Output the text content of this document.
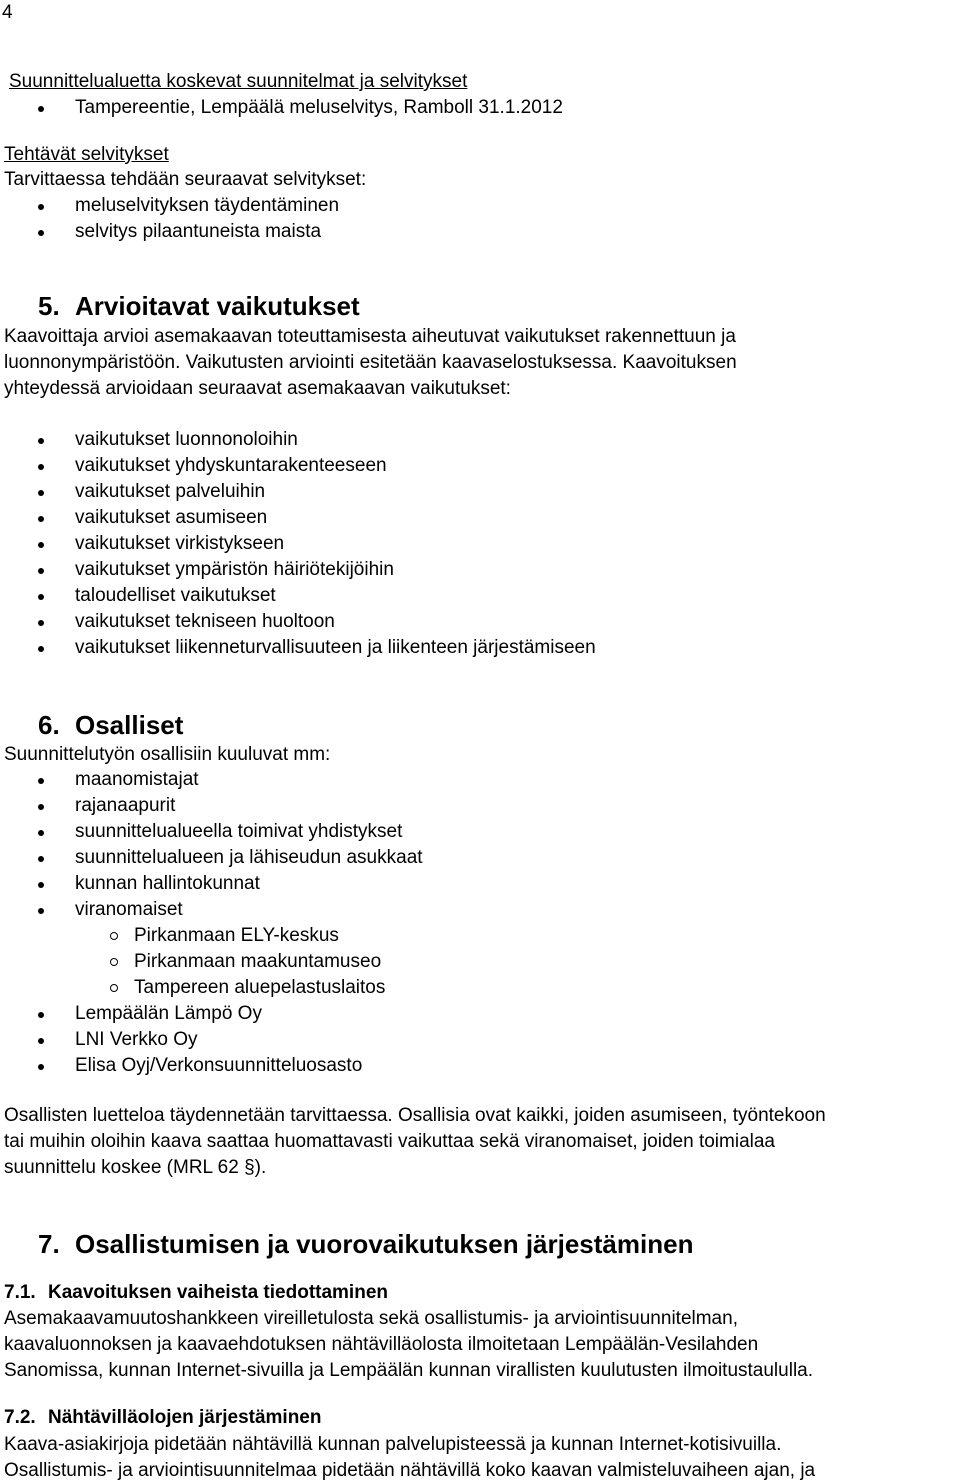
4
Suunnittelualuetta koskevat suunnitelmat ja selvitykset
Tampereentie, Lempäälä meluselvitys, Ramboll 31.1.2012
Tehtävät selvitykset
Tarvittaessa tehdään seuraavat selvitykset:
meluselvityksen täydentäminen
selvitys pilaantuneista maista
5. Arvioitavat vaikutukset
Kaavoittaja arvioi asemakaavan toteuttamisesta aiheutuvat vaikutukset rakennettuun ja
luonnonympäristöön. Vaikutusten arviointi esitetään kaavaselostuksessa. Kaavoituksen
yhteydessä arvioidaan seuraavat asemakaavan vaikutukset:
vaikutukset luonnonoloihin
vaikutukset yhdyskuntarakenteeseen
vaikutukset palveluihin
vaikutukset asumiseen
vaikutukset virkistykseen
vaikutukset ympäristön häiriötekijöihin
taloudelliset vaikutukset
vaikutukset tekniseen huoltoon
vaikutukset liikenneturvallisuuteen ja liikenteen järjestämiseen
6. Osalliset
Suunnittelutyön osallisiin kuuluvat mm:
maanomistajat
rajanaapurit
suunnittelualueella toimivat yhdistykset
suunnittelualueen ja lähiseudun asukkaat
kunnan hallintokunnat
viranomaiset
Pirkanmaan ELY-keskus
Pirkanmaan maakuntamuseo
Tampereen aluepelastuslaitos
Lempäälän Lämpö Oy
LNI Verkko Oy
Elisa Oyj/Verkonsuunnitteluosasto
Osallisten luetteloa täydennetään tarvittaessa. Osallisia ovat kaikki, joiden asumiseen, työntekoon
tai muihin oloihin kaava saattaa huomattavasti vaikuttaa sekä viranomaiset, joiden toimialaa
suunnittelu koskee (MRL 62 §).
7. Osallistumisen ja vuorovaikutuksen järjestäminen
7.1. Kaavoituksen vaiheista tiedottaminen
Asemakaavamuutoshankkeen vireilletulosta sekä osallistumis- ja arviointisuunnitelman,
kaavaluonnoksen ja kaavaehdotuksen nähtävilläolosta ilmoitetaan Lempäälän-Vesilahden
Sanomissa, kunnan Internet-sivuilla ja Lempäälän kunnan virallisten kuulutusten ilmoitustaululla.
7.2. Nähtävilläolojen järjestäminen
Kaava-asiakirjoja pidetään nähtävillä kunnan palvelupisteessä ja kunnan Internet-kotisivuilla.
Osallistumis- ja arviointisuunnitelmaa pidetään nähtävillä koko kaavan valmisteluvaiheen ajan, ja
